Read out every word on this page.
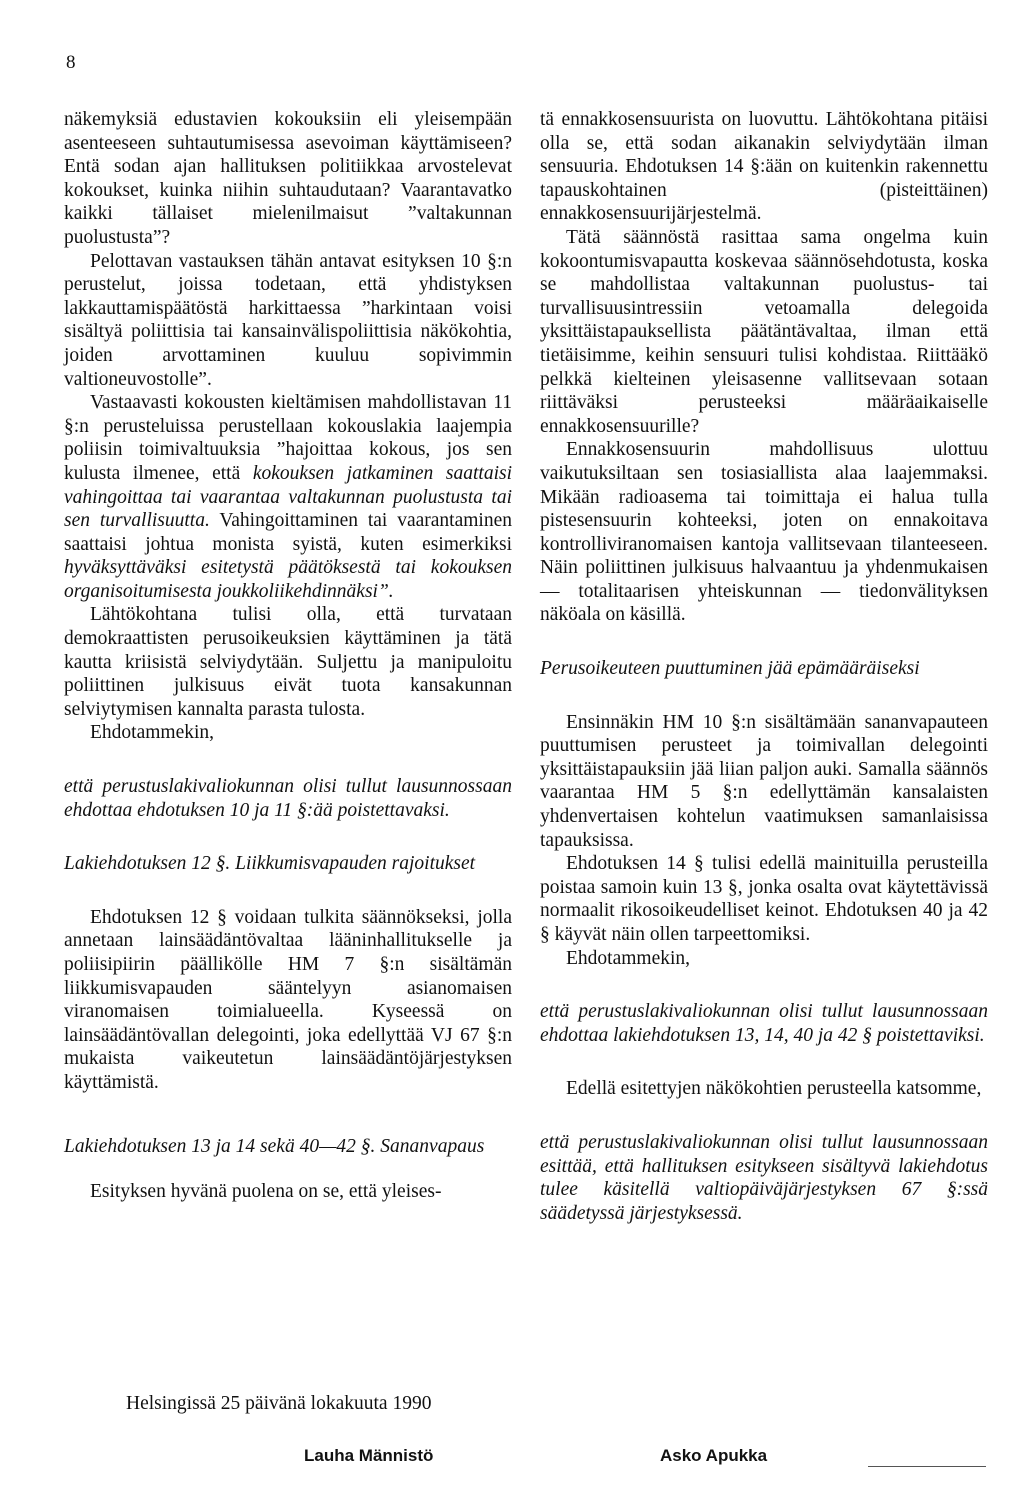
8

näkemyksiä edustavien kokouksiin eli yleisempään asenteeseen suhtautumisessa asevoiman käyttämiseen? Entä sodan ajan hallituksen politiikkaa arvostelevat kokoukset, kuinka niihin suhtaudutaan? Vaarantavatko kaikki tällaiset mielenilmaisut ”valtakunnan puolustusta”?

Pelottavan vastauksen tähän antavat esityksen 10 §:n perustelut, joissa todetaan, että yhdistyksen lakkauttamispäätöstä harkittaessa ”harkintaan voisi sisältyä poliittisia tai kansainvälispoliittisia näkökohtia, joiden arvottaminen kuuluu sopivimmin valtioneuvostolle”.

Vastaavasti kokousten kieltämisen mahdollistavan 11 §:n perusteluissa perustellaan kokouslakia laajempia poliisin toimivaltuuksia ”hajoittaa kokous, jos sen kulusta ilmenee, että kokouksen jatkaminen saattaisi vahingoittaa tai vaarantaa valtakunnan puolustusta tai sen turvallisuutta. Vahingoittaminen tai vaarantaminen saattaisi johtua monista syistä, kuten esimerkiksi hyväksyttäväksi esitetystä päätöksestä tai kokouksen organisoitumisesta joukkoliikehdinnäksi”.

Lähtökohtana tulisi olla, että turvataan demokraattisten perusoikeuksien käyttäminen ja tätä kautta kriisistä selviydytään. Suljettu ja manipuloitu poliittinen julkisuus eivät tuota kansakunnan selviytymisen kannalta parasta tulosta.

Ehdotammekin,

että perustuslakivaliokunnan olisi tullut lausunnossaan ehdottaa ehdotuksen 10 ja 11 §:ää poistettavaksi.

Lakiehdotuksen 12 §. Liikkumisvapauden rajoitukset

Ehdotuksen 12 § voidaan tulkita säännökseksi, jolla annetaan lainsäädäntövaltaa lääninhallitukselle ja poliisipiirin päällikölle HM 7 §:n sisältämän liikkumisvapauden sääntelyyn asianomaisen viranomaisen toimialueella. Kyseessä on lainsäädäntövallan delegointi, joka edellyttää VJ 67 §:n mukaista vaikeutetun lainsäädäntöjärjestyksen käyttämistä.

Lakiehdotuksen 13 ja 14 sekä 40—42 §. Sananvapaus

Esityksen hyvänä puolena on se, että yleises-

tä ennakkosensuurista on luovuttu. Lähtökohtana pitäisi olla se, että sodan aikanakin selviydytään ilman sensuuria. Ehdotuksen 14 §:ään on kuitenkin rakennettu tapauskohtainen (pisteittäinen) ennakkosensuurijärjestelmä.

Tätä säännöstä rasittaa sama ongelma kuin kokoontumisvapautta koskevaa säännösehdotusta, koska se mahdollistaa valtakunnan puolustus- tai turvallisuusintressiin vetoamalla delegoida yksittäistapauksellista päätäntävaltaa, ilman että tietäisimme, keihin sensuuri tulisi kohdistaa. Riittääkö pelkkä kielteinen yleisasenne vallitsevaan sotaan riittäväksi perusteeksi määräaikaiselle ennakkosensuurille?

Ennakkosensuurin mahdollisuus ulottuu vaikutuksiltaan sen tosiasiallista alaa laajemmaksi. Mikään radioasema tai toimittaja ei halua tulla pistesensuurin kohteeksi, joten on ennakoitava kontrolliviranomaisen kantoja vallitsevaan tilanteeseen. Näin poliittinen julkisuus halvaantuu ja yhdenmukaisen — totalitaarisen yhteiskunnan — tiedonvälityksen näköala on käsillä.

Perusoikeuteen puuttuminen jää epämääräiseksi

Ensinnäkin HM 10 §:n sisältämään sananvapauteen puuttumisen perusteet ja toimivallan delegointi yksittäistapauksiin jää liian paljon auki. Samalla säännös vaarantaa HM 5 §:n edellyttämän kansalaisten yhdenvertaisen kohtelun vaatimuksen samanlaisissa tapauksissa.

Ehdotuksen 14 § tulisi edellä mainituilla perusteilla poistaa samoin kuin 13 §, jonka osalta ovat käytettävissä normaalit rikosoikeudelliset keinot. Ehdotuksen 40 ja 42 § käyvät näin ollen tarpeettomiksi.

Ehdotammekin,

että perustuslakivaliokunnan olisi tullut lausunnossaan ehdottaa lakiehdotuksen 13, 14, 40 ja 42 § poistettaviksi.

Edellä esitettyjen näkökohtien perusteella katsomme,

että perustuslakivaliokunnan olisi tullut lausunnossaan esittää, että hallituksen esitykseen sisältyvä lakiehdotus tulee käsitellä valtiopäiväjärjestyksen 67 §:ssä säädetyssä järjestyksessä.

Helsingissä 25 päivänä lokakuuta 1990
Lauha Männistö	Asko Apukka
